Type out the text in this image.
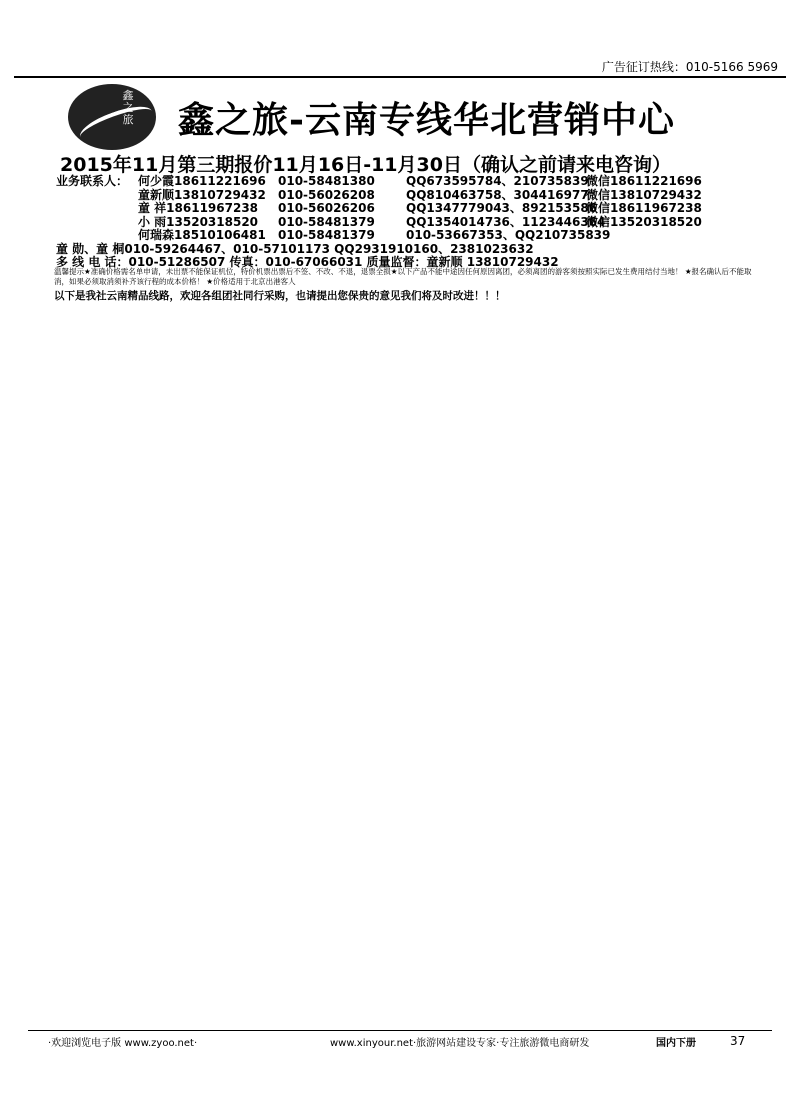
广告征订热线：010-5166 5969
鑫之旅 鑫之旅-云南专线华北营销中心
2015年11月第三期报价11月16日-11月30日（确认之前请来电咨询）
业务联系人： 何少霞18611221696 010-58481380	QQ673595784、210735839微信18611221696
童新顺13810729432 010-56026208	QQ810463758、304416977微信13810729432
童 祥18611967238 010-56026206	QQ1347779043、892153586微信18611967238
小 雨13520318520 010-58481379	QQ1354014736、1123446364微信13520318520
何瑞森18510106481 010-58481379	010-53667353、QQ210735839
童 勋、童 桐010-59264467、010-57101173 QQ2931910160、2381023632
多 线 电 话：010-51286507 传真：010-67066031 质量监督：童新顺 13810729432
温馨提示★准确价格需名单申请，未出票不能保证机位，特价机票出票后不签、不改、不退，退票全损★以下产品不能中途因任何原因离团，必须离团的游客须按照实际已发生费用结付当地！ ★报名确认后不能取消，如果必须取消须补齐该行程的成本价格！ ★价格适用于北京出港客人
以下是我社云南精品线路，欢迎各组团社同行采购，也请提出您保贵的意见我们将及时改进！！！
·欢迎浏览电子版 www.zyoo.net·	www.xinyour.net·旅游网站建设专家·专注旅游微电商研发	国内下册	37
